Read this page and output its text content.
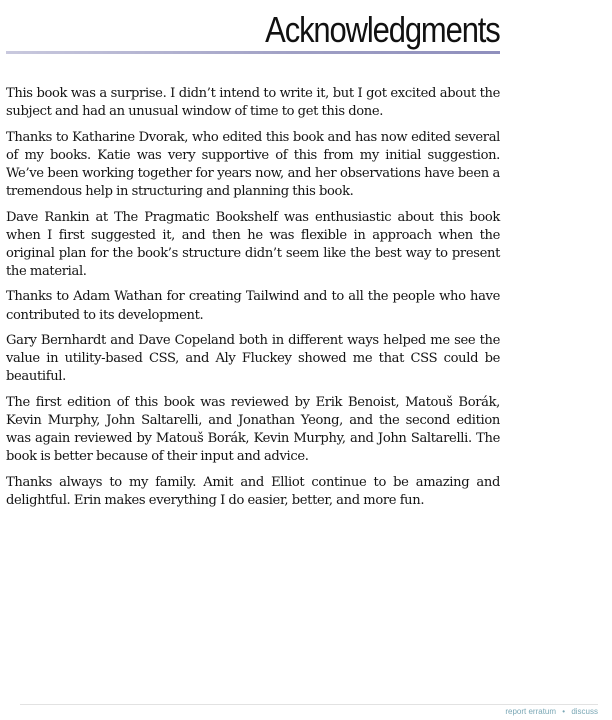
Acknowledgments

This book was a surprise. I didn’t intend to write it, but I got excited about the subject and had an unusual window of time to get this done.

Thanks to Katharine Dvorak, who edited this book and has now edited several of my books. Katie was very supportive of this from my initial suggestion. We’ve been working together for years now, and her observations have been a tremendous help in structuring and planning this book.

Dave Rankin at The Pragmatic Bookshelf was enthusiastic about this book when I first suggested it, and then he was flexible in approach when the original plan for the book’s structure didn’t seem like the best way to present the material.

Thanks to Adam Wathan for creating Tailwind and to all the people who have contributed to its development.

Gary Bernhardt and Dave Copeland both in different ways helped me see the value in utility-based CSS, and Aly Fluckey showed me that CSS could be beautiful.

The first edition of this book was reviewed by Erik Benoist, Matouš Borák, Kevin Murphy, John Saltarelli, and Jonathan Yeong, and the second edition was again reviewed by Matouš Borák, Kevin Murphy, and John Saltarelli. The book is better because of their input and advice.

Thanks always to my family. Amit and Elliot continue to be amazing and delightful. Erin makes everything I do easier, better, and more fun.

report erratum • discuss
